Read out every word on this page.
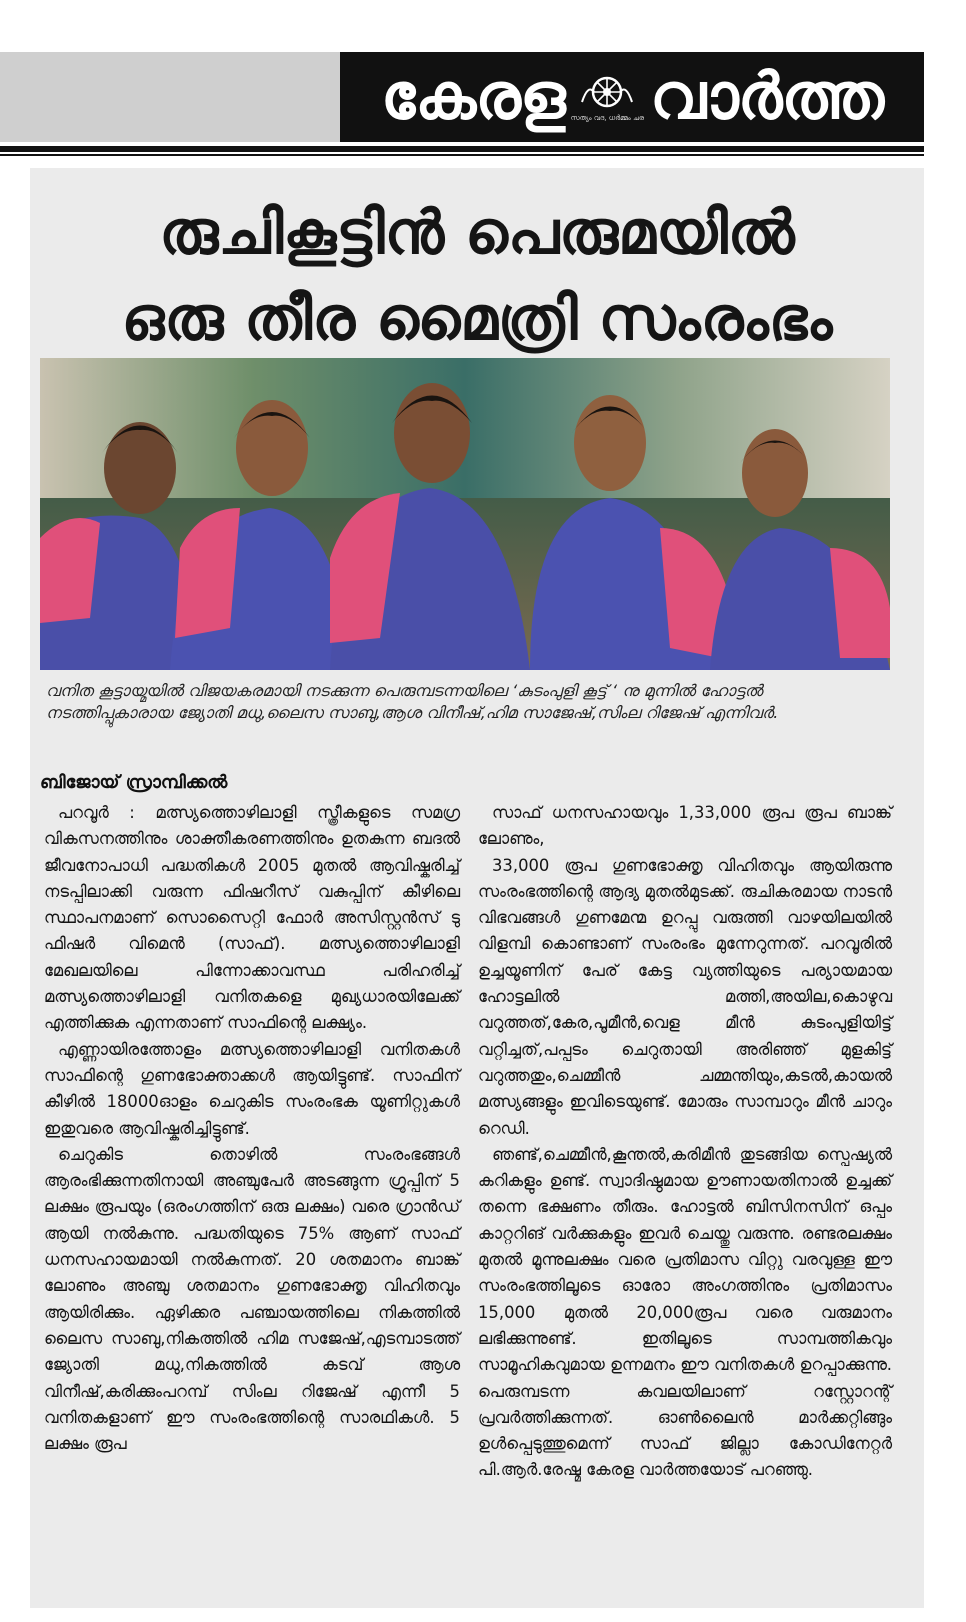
കേരള സത്യം വദ, ധർമ്മം ചര വാർത്ത
രുചികൂട്ടിൻ പെരുമയിൽ
ഒരു തീര മൈത്രി സംരംഭം
വനിത കൂട്ടായ്മയിൽ വിജയകരമായി നടക്കുന്ന പെരുമ്പടന്നയിലെ ‘കുടംപുളി കൂട്ട് ‘ നു മുന്നിൽ ഹോട്ടൽ നടത്തിപ്പുകാരായ ജ്യോതി മധു,ലൈസ സാബു,ആശ വിനീഷ്,ഹിമ സാജേഷ്,സിംല റിജേഷ് എന്നിവർ.
ബിജോയ് സ്രാമ്പിക്കൽ

പറവൂർ : മത്സ്യത്തൊഴിലാളി സ്ത്രീകളുടെ സമഗ്ര വികസനത്തിനും ശാക്തീകരണത്തിനും ഉതകുന്ന ബദൽ ജീവനോപാധി പദ്ധതികൾ 2005 മുതൽ ആവിഷ്കരിച്ച് നടപ്പിലാക്കി വരുന്ന ഫിഷറീസ് വകുപ്പിന് കീഴിലെ സ്ഥാപനമാണ് സൊസൈറ്റി ഫോർ അസിസ്റ്റൻസ് ടു ഫിഷർ വിമെൻ (സാഫ്). മത്സ്യത്തൊഴിലാളി മേഖലയിലെ പിന്നോക്കാവസ്ഥ പരിഹരിച്ച് മത്സ്യത്തൊഴിലാളി വനിതകളെ മുഖ്യധാരയിലേക്ക് എത്തിക്കുക എന്നതാണ് സാഫിന്റെ ലക്ഷ്യം.

എണ്ണായിരത്തോളം മത്സ്യത്തൊഴിലാളി വനിതകൾ സാഫിന്റെ ഗുണഭോക്താക്കൾ ആയിട്ടുണ്ട്. സാഫിന് കീഴിൽ 18000ഓളം ചെറുകിട സംരംഭക യൂണിറ്റുകൾ ഇതുവരെ ആവിഷ്കരിച്ചിട്ടുണ്ട്.

ചെറുകിട തൊഴിൽ സംരംഭങ്ങൾ ആരംഭിക്കുന്നതിനായി അഞ്ചുപേർ അടങ്ങുന്ന ഗ്രൂപ്പിന് 5 ലക്ഷം രൂപയും (ഒരംഗത്തിന് ഒരു ലക്ഷം) വരെ ഗ്രാൻഡ് ആയി നൽകുന്നു. പദ്ധതിയുടെ 75% ആണ് സാഫ് ധനസഹായമായി നൽകുന്നത്. 20 ശതമാനം ബാങ്ക് ലോണും അഞ്ചു ശതമാനം ഗുണഭോക്തൃ വിഹിതവും ആയിരിക്കും. ഏഴിക്കര പഞ്ചായത്തിലെ നികത്തിൽ ലൈസ സാബു,നികത്തിൽ ഹിമ സജേഷ്,എടമ്പാടത്ത് ജ്യോതി മധു,നികത്തിൽ കടവ് ആശ വിനീഷ്,കരിക്കുംപറമ്പ് സിംല റിജേഷ് എന്നീ 5 വനിതകളാണ് ഈ സംരംഭത്തിന്റെ സാരഥികൾ. 5 ലക്ഷം രൂപ

സാഫ് ധനസഹായവും 1,33,000 രൂപ രൂപ ബാങ്ക് ലോണും,

33,000 രൂപ ഗുണഭോക്തൃ വിഹിതവും ആയിരുന്നു സംരംഭത്തിന്റെ ആദ്യ മുതൽമുടക്ക്. രുചികരമായ നാടൻ വിഭവങ്ങൾ ഗുണമേന്മ ഉറപ്പു വരുത്തി വാഴയിലയിൽ വിളമ്പി കൊണ്ടാണ് സംരംഭം മുന്നേറുന്നത്. പറവൂരിൽ ഉച്ചയൂണിന് പേര് കേട്ട വ്യത്തിയുടെ പര്യായമായ ഹോട്ടലിൽ മത്തി,അയില,കൊഴുവ വറുത്തത്,കേര,പൂമീൻ,വെള മീൻ കുടംപുളിയിട്ട് വറ്റിച്ചത്,പപ്പടം ചെറുതായി അരിഞ്ഞ് മുളകിട്ട് വറുത്തതും,ചെമ്മീൻ ചമ്മന്തിയും,കടൽ,കായൽ മത്സ്യങ്ങളും ഇവിടെയുണ്ട്. മോരും സാമ്പാറും മീൻ ചാറും റെഡി.

ഞണ്ട്,ചെമ്മീൻ,കൂന്തൽ,കരിമീൻ തുടങ്ങിയ സ്പെഷ്യൽ കറികളും ഉണ്ട്. സ്വാദിഷ്ഠമായ ഊണായതിനാൽ ഉച്ചക്ക് തന്നെ ഭക്ഷണം തീരും. ഹോട്ടൽ ബിസിനസിന് ഒപ്പം കാറ്ററിങ് വർക്കുകളും ഇവർ ചെയ്തു വരുന്നു. രണ്ടരലക്ഷം മുതൽ മൂന്നുലക്ഷം വരെ പ്രതിമാസ വിറ്റു വരവുള്ള ഈ സംരംഭത്തിലൂടെ ഓരോ അംഗത്തിനും പ്രതിമാസം 15,000 മുതൽ 20,000രൂപ വരെ വരുമാനം ലഭിക്കുന്നുണ്ട്. ഇതിലൂടെ സാമ്പത്തികവും സാമൂഹികവുമായ ഉന്നമനം ഈ വനിതകൾ ഉറപ്പാക്കുന്നു. പെരുമ്പടന്ന കവലയിലാണ് റസ്റ്റോറന്റ് പ്രവർത്തിക്കുന്നത്. ഓൺലൈൻ മാർക്കറ്റിങ്ങും ഉൾപ്പെടുത്തുമെന്ന് സാഫ് ജില്ലാ കോഡിനേറ്റർ പി.ആർ.രേഷ്മ കേരള വാർത്തയോട് പറഞ്ഞു.
